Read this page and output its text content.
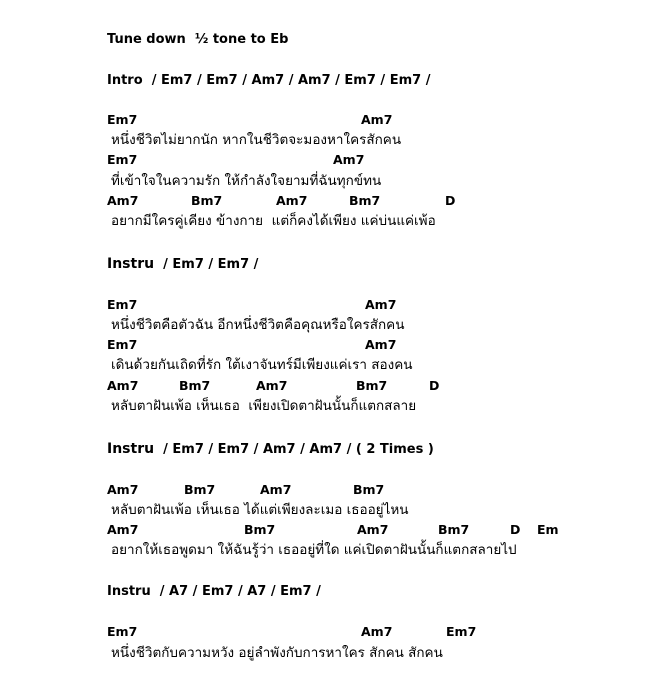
Tune down  ½ tone to Eb
Intro  / Em7 / Em7 / Am7 / Am7 / Em7 / Em7 /
Em7	Am7
หนึ่งชีวิตไม่ยากนัก หากในชีวิตจะมองหาใครสักคน
Em7	Am7
ที่เข้าใจในความรัก ให้กำลังใจยามที่ฉันทุกข์ทน
Am7	Bm7	Am7	Bm7	D
อยากมีใครคู่เคียง ข้างกาย  แต่ก็คงได้เพียง แค่บ่นแค่เพ้อ
Instru  / Em7 / Em7 /
Em7	Am7
หนึ่งชีวิตคือตัวฉัน อีกหนึ่งชีวิตคือคุณหรือใครสักคน
Em7	Am7
เดินด้วยกันเถิดที่รัก ใต้เงาจันทร์มีเพียงแค่เรา สองคน
Am7	Bm7	Am7	Bm7	D
หลับตาฝันเพ้อ เห็นเธอ  เพียงเปิดตาฝันนั้นก็แตกสลาย
Instru  / Em7 / Em7 / Am7 / Am7 / ( 2 Times )
Am7	Bm7	Am7	Bm7
หลับตาฝันเพ้อ เห็นเธอ ได้แต่เพียงละเมอ เธออยู่ไหน
Am7	Bm7	Am7	Bm7	D Em
อยากให้เธอพูดมา ให้ฉันรู้ว่า เธออยู่ที่ใด แค่เปิดตาฝันนั้นก็แตกสลายไป
Instru  / A7 / Em7 / A7 / Em7 /
Em7	Am7	Em7
หนึ่งชีวิตกับความหวัง อยู่ลำพังกับการหาใคร สักคน สักคน
